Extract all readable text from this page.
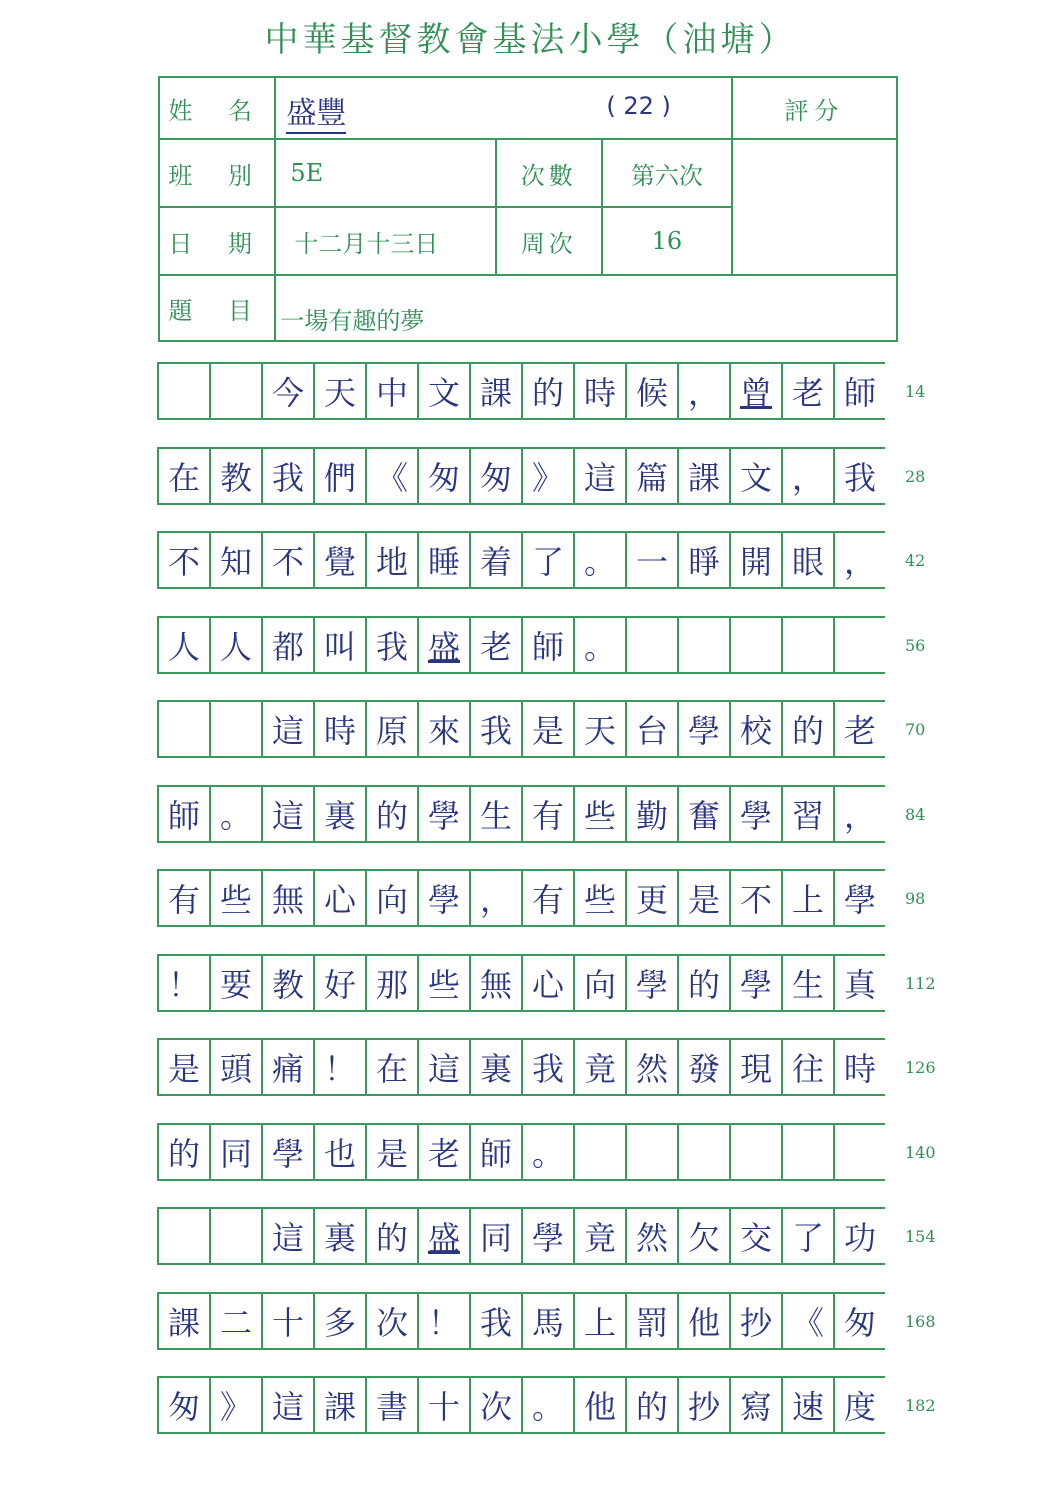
中華基督教會基法小學（油塘）
姓 名	盛豐 ( 22 )			評分
班 別	5E	次數	第六次	
日 期	十二月十三日	周次	16	
題 目	一場有趣的夢			
今 天 中 文 課 的 時 候 ， 曾 老 師	14
在 教 我 們 《 匆 匆 》 這 篇 課 文 ， 我	28
不 知 不 覺 地 睡 着 了 。 一 睜 開 眼 ，	42
人 人 都 叫 我 盛 老 師 。	56
這 時 原 來 我 是 天 台 學 校 的 老	70
師 。 這 裏 的 學 生 有 些 勤 奮 學 習 ，	84
有 些 無 心 向 學 ， 有 些 更 是 不 上 學	98
！ 要 教 好 那 些 無 心 向 學 的 學 生 真	112
是 頭 痛 ！ 在 這 裏 我 竟 然 發 現 往 時	126
的 同 學 也 是 老 師 。	140
這 裏 的 盛 同 學 竟 然 欠 交 了 功	154
課 二 十 多 次 ！ 我 馬 上 罰 他 抄 《 匆	168
匆 》 這 課 書 十 次 。 他 的 抄 寫 速 度	182
